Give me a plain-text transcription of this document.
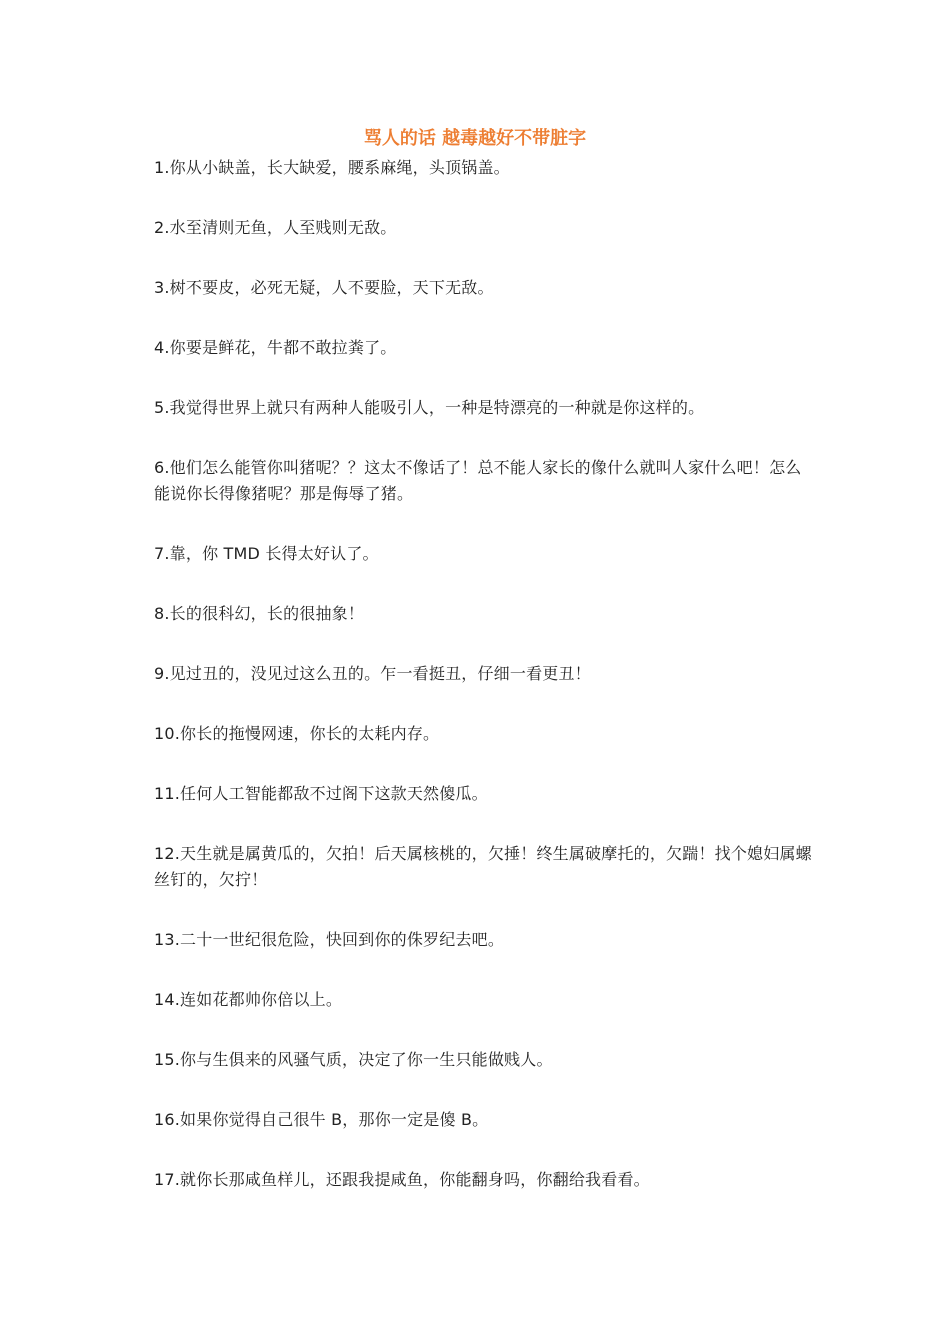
骂人的话 越毒越好不带脏字
1.你从小缺盖，长大缺爱，腰系麻绳，头顶锅盖。
2.水至清则无鱼，人至贱则无敌。
3.树不要皮，必死无疑，人不要脸，天下无敌。
4.你要是鲜花，牛都不敢拉粪了。
5.我觉得世界上就只有两种人能吸引人，一种是特漂亮的一种就是你这样的。
6.他们怎么能管你叫猪呢？？这太不像话了！总不能人家长的像什么就叫人家什么吧！怎么能说你长得像猪呢？那是侮辱了猪。
7.靠，你 TMD 长得太好认了。
8.长的很科幻，长的很抽象！
9.见过丑的，没见过这么丑的。乍一看挺丑，仔细一看更丑！
10.你长的拖慢网速，你长的太耗内存。
11.任何人工智能都敌不过阁下这款天然傻瓜。
12.天生就是属黄瓜的，欠拍！后天属核桃的，欠捶！终生属破摩托的，欠踹！找个媳妇属螺丝钉的，欠拧！
13.二十一世纪很危险，快回到你的侏罗纪去吧。
14.连如花都帅你倍以上。
15.你与生俱来的风骚气质，决定了你一生只能做贱人。
16.如果你觉得自己很牛 B，那你一定是傻 B。
17.就你长那咸鱼样儿，还跟我提咸鱼，你能翻身吗，你翻给我看看。
